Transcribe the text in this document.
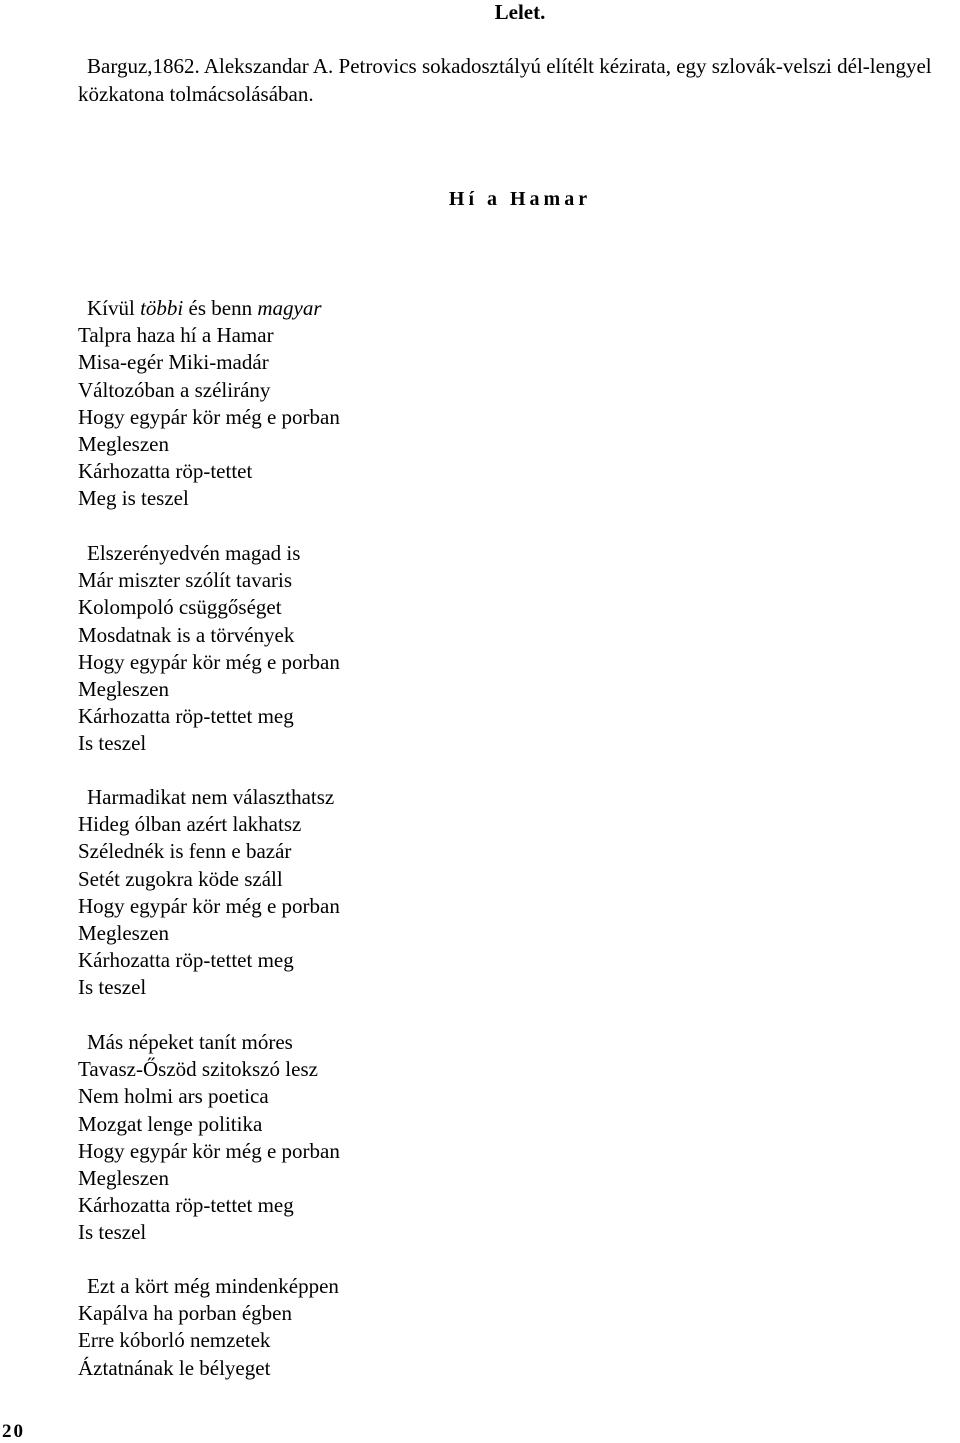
Lelet.
Barguz,1862. Alekszandar A. Petrovics sokadosztályú elítélt kézirata, egy szlovák-velszi dél-lengyel közkatona tolmácsolásában.
Hí a Hamar
Kívül többi és benn magyar
Talpra haza hí a Hamar
Misa-egér Miki-madár
Változóban a szélirány
Hogy egypár kör még e porban
Megleszen
Kárhozatta röp-tettet
Meg is teszel
Elszerényedvén magad is
Már miszter szólít tavaris
Kolompoló csüggőséget
Mosdatnak is a törvények
Hogy egypár kör még e porban
Megleszen
Kárhozatta röp-tettet meg
Is teszel
Harmadikat nem választhatsz
Hideg ólban azért lakhatsz
Szélednék is fenn e bazár
Setét zugokra köde száll
Hogy egypár kör még e porban
Megleszen
Kárhozatta röp-tettet meg
Is teszel
Más népeket tanít móres
Tavasz-Őszöd szitokszó lesz
Nem holmi ars poetica
Mozgat lenge politika
Hogy egypár kör még e porban
Megleszen
Kárhozatta röp-tettet meg
Is teszel
Ezt a kört még mindenképpen
Kapálva ha porban égben
Erre kóborló nemzetek
Áztatnának le bélyeget
20
